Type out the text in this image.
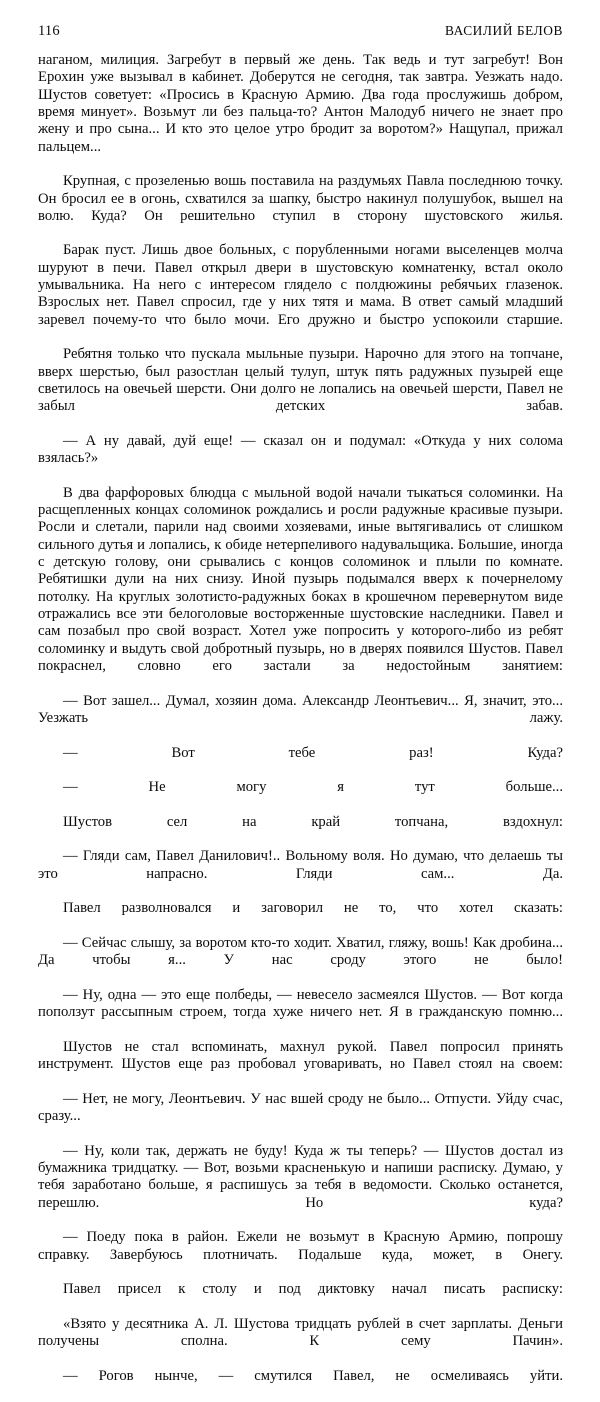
116	ВАСИЛИЙ БЕЛОВ

наганом, милиция. Загребут в первый же день. Так ведь и тут загребут! Вон Ерохин уже вызывал в кабинет. Доберутся не сегодня, так завтра. Уезжать надо. Шустов советует: «Просись в Красную Армию. Два года прослужишь добром, время минует». Возьмут ли без пальца-то? Антон Малодуб ничего не знает про жену и про сына... И кто это целое утро бродит за воротом?» Нащупал, прижал пальцем...

Крупная, с прозеленью вошь поставила на раздумьях Павла последнюю точку. Он бросил ее в огонь, схватился за шапку, быстро накинул полушубок, вышел на волю. Куда? Он решительно ступил в сторону шустовского жилья.

Барак пуст. Лишь двое больных, с порубленными ногами выселенцев молча шуруют в печи. Павел открыл двери в шустовскую комнатенку, встал около умывальника. На него с интересом глядело с полдюжины ребячьих глазенок. Взрослых нет. Павел спросил, где у них тятя и мама. В ответ самый младший заревел почему-то что было мочи. Его дружно и быстро успокоили старшие.

Ребятня только что пускала мыльные пузыри. Нарочно для этого на топчане, вверх шерстью, был разостлан целый тулуп, штук пять радужных пузырей еще светилось на овечьей шерсти. Они долго не лопались на овечьей шерсти, Павел не забыл детских забав.

— А ну давай, дуй еще! — сказал он и подумал: «Откуда у них солома взялась?»

В два фарфоровых блюдца с мыльной водой начали тыкаться соломинки. На расщепленных концах соломинок рождались и росли радужные красивые пузыри. Росли и слетали, парили над своими хозяевами, иные вытягивались от слишком сильного дутья и лопались, к обиде нетерпеливого надувальщика. Большие, иногда с детскую голову, они срывались с концов соломинок и плыли по комнате. Ребятишки дули на них снизу. Иной пузырь подымался вверх к почернелому потолку. На круглых золотисто-радужных боках в крошечном перевернутом виде отражались все эти белоголовые восторженные шустовские наследники. Павел и сам позабыл про свой возраст. Хотел уже попросить у которого-либо из ребят соломинку и выдуть свой добротный пузырь, но в дверях появился Шустов. Павел покраснел, словно его застали за недостойным занятием:

— Вот зашел... Думал, хозяин дома. Александр Леонтьевич... Я, значит, это... Уезжать лажу.

— Вот тебе раз! Куда?

— Не могу я тут больше...

Шустов сел на край топчана, вздохнул:

— Гляди сам, Павел Данилович!.. Вольному воля. Но думаю, что делаешь ты это напрасно. Гляди сам... Да.

Павел разволновался и заговорил не то, что хотел сказать:

— Сейчас слышу, за воротом кто-то ходит. Хватил, гляжу, вошь! Как дробина... Да чтобы я... У нас сроду этого не было!

— Ну, одна — это еще полбеды, — невесело засмеялся Шустов. — Вот когда поползут рассыпным строем, тогда хуже ничего нет. Я в гражданскую помню...

Шустов не стал вспоминать, махнул рукой. Павел попросил принять инструмент. Шустов еще раз пробовал уговаривать, но Павел стоял на своем:

— Нет, не могу, Леонтьевич. У нас вшей сроду не было... Отпусти. Уйду счас, сразу...

— Ну, коли так, держать не буду! Куда ж ты теперь? — Шустов достал из бумажника тридцатку. — Вот, возьми красненькую и напиши расписку. Думаю, у тебя заработано больше, я распишусь за тебя в ведомости. Сколько останется, перешлю. Но куда?

— Поеду пока в район. Ежели не возьмут в Красную Армию, попрошу справку. Завербуюсь плотничать. Подальше куда, может, в Онегу.

Павел присел к столу и под диктовку начал писать расписку:

«Взято у десятника А. Л. Шустова тридцать рублей в счет зарплаты. Деньги получены сполна. К сему Пачин».

— Рогов нынче, — смутился Павел, не осмеливаясь уйти.
